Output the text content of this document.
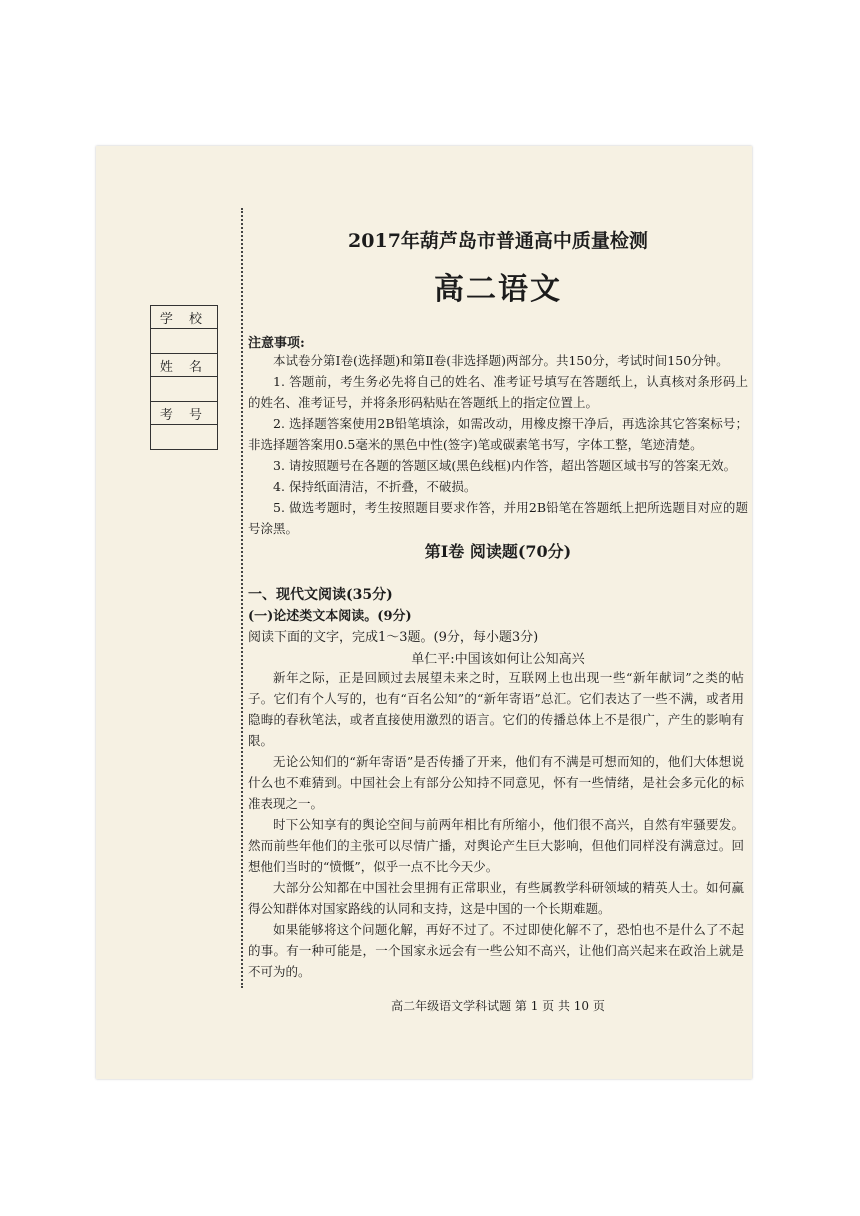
学 校

姓 名

考 号

2017年葫芦岛市普通高中质量检测
高二语文
注意事项:

本试卷分第Ⅰ卷(选择题)和第Ⅱ卷(非选择题)两部分。共150分，考试时间150分钟。

1. 答题前，考生务必先将自己的姓名、准考证号填写在答题纸上，认真核对条形码上的姓名、准考证号，并将条形码粘贴在答题纸上的指定位置上。

2. 选择题答案使用2B铅笔填涂，如需改动，用橡皮擦干净后，再选涂其它答案标号；非选择题答案用0.5毫米的黑色中性(签字)笔或碳素笔书写，字体工整，笔迹清楚。

3. 请按照题号在各题的答题区域(黑色线框)内作答，超出答题区域书写的答案无效。

4. 保持纸面清洁，不折叠，不破损。

5. 做选考题时，考生按照题目要求作答，并用2B铅笔在答题纸上把所选题目对应的题号涂黑。

第Ⅰ卷 阅读题(70分)
一、现代文阅读(35分)
(一)论述类文本阅读。(9分)
阅读下面的文字，完成1～3题。(9分，每小题3分)
单仁平:中国该如何让公知高兴

新年之际，正是回顾过去展望未来之时，互联网上也出现一些“新年献词”之类的帖子。它们有个人写的，也有“百名公知”的“新年寄语”总汇。它们表达了一些不满，或者用隐晦的春秋笔法，或者直接使用激烈的语言。它们的传播总体上不是很广，产生的影响有限。

无论公知们的“新年寄语”是否传播了开来，他们有不满是可想而知的，他们大体想说什么也不难猜到。中国社会上有部分公知持不同意见，怀有一些情绪，是社会多元化的标准表现之一。

时下公知享有的舆论空间与前两年相比有所缩小，他们很不高兴，自然有牢骚要发。然而前些年他们的主张可以尽情广播，对舆论产生巨大影响，但他们同样没有满意过。回想他们当时的“愤慨”，似乎一点不比今天少。

大部分公知都在中国社会里拥有正常职业，有些属教学科研领域的精英人士。如何赢得公知群体对国家路线的认同和支持，这是中国的一个长期难题。

如果能够将这个问题化解，再好不过了。不过即使化解不了，恐怕也不是什么了不起的事。有一种可能是，一个国家永远会有一些公知不高兴，让他们高兴起来在政治上就是不可为的。

高二年级语文学科试题 第 1 页 共 10 页
